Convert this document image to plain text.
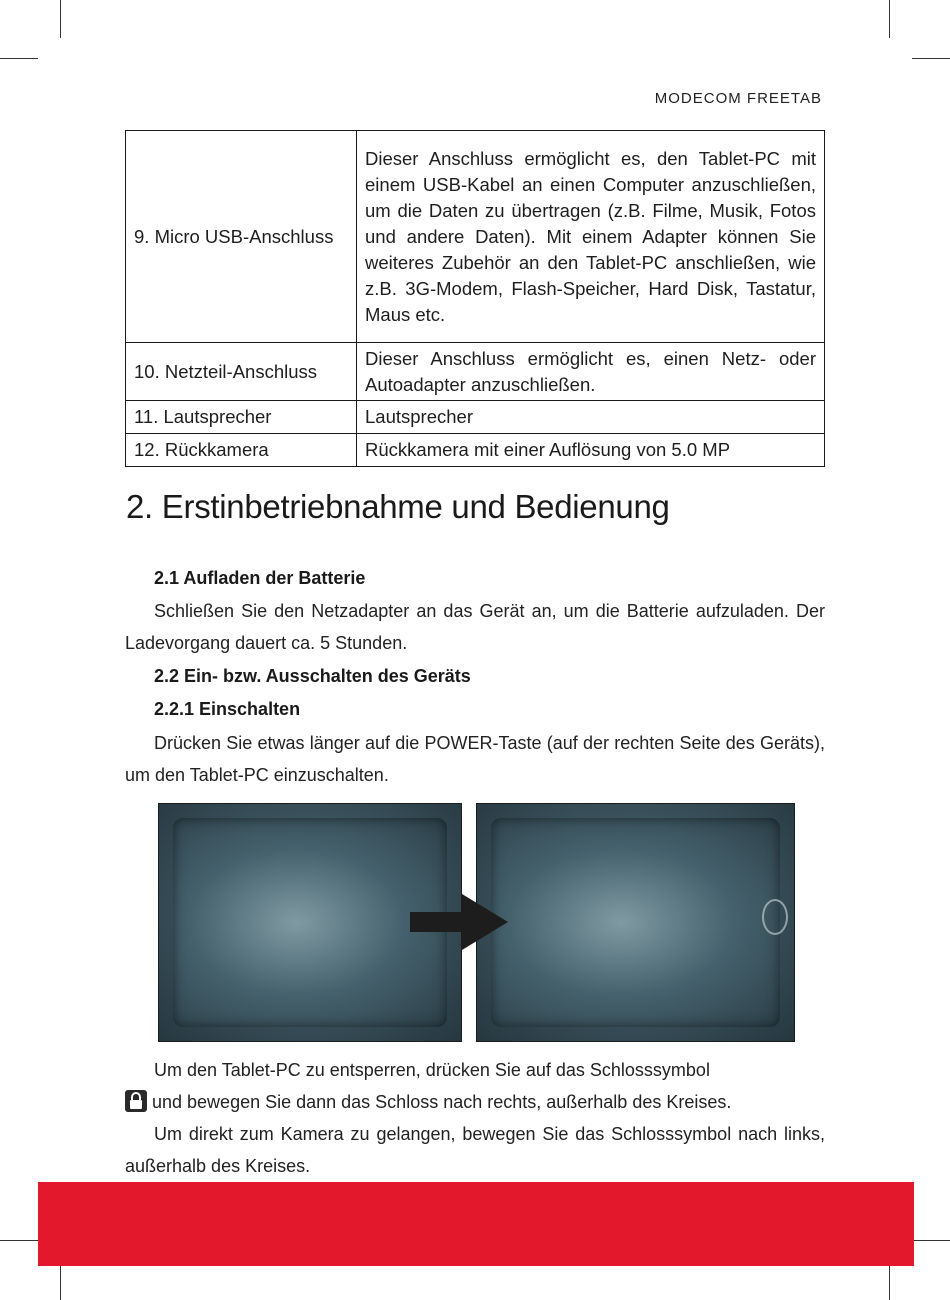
MODECOM FREETAB
9. Micro USB-Anschluss	Dieser Anschluss ermöglicht es, den Tablet-PC mit einem USB-Kabel an einen Computer anzuschließen, um die Daten zu übertragen (z.B. Filme, Musik, Fotos und andere Daten). Mit einem Adapter können Sie weiteres Zubehör an den Tablet-PC anschließen, wie z.B. 3G-Modem, Flash-Speicher, Hard Disk, Tastatur, Maus etc.
10. Netzteil-Anschluss	Dieser Anschluss ermöglicht es, einen Netz- oder Autoadapter anzuschließen.
11. Lautsprecher	Lautsprecher
12. Rückkamera	Rückkamera mit einer Auflösung von 5.0 MP
2. Erstinbetriebnahme und Bedienung
2.1 Aufladen der Batterie

Schließen Sie den Netzadapter an das Gerät an, um die Batterie aufzuladen. Der Ladevorgang dauert ca. 5 Stunden.

2.2 Ein- bzw. Ausschalten des Geräts
2.2.1 Einschalten

Drücken Sie etwas länger auf die POWER-Taste (auf der rechten Seite des Geräts), um den Tablet-PC einzuschalten.

Um den Tablet-PC zu entsperren, drücken Sie auf das Schlosssymbol

und bewegen Sie dann das Schloss nach rechts, außerhalb des Kreises.

Um direkt zum Kamera zu gelangen, bewegen Sie das Schlosssymbol nach links, außerhalb des Kreises.
